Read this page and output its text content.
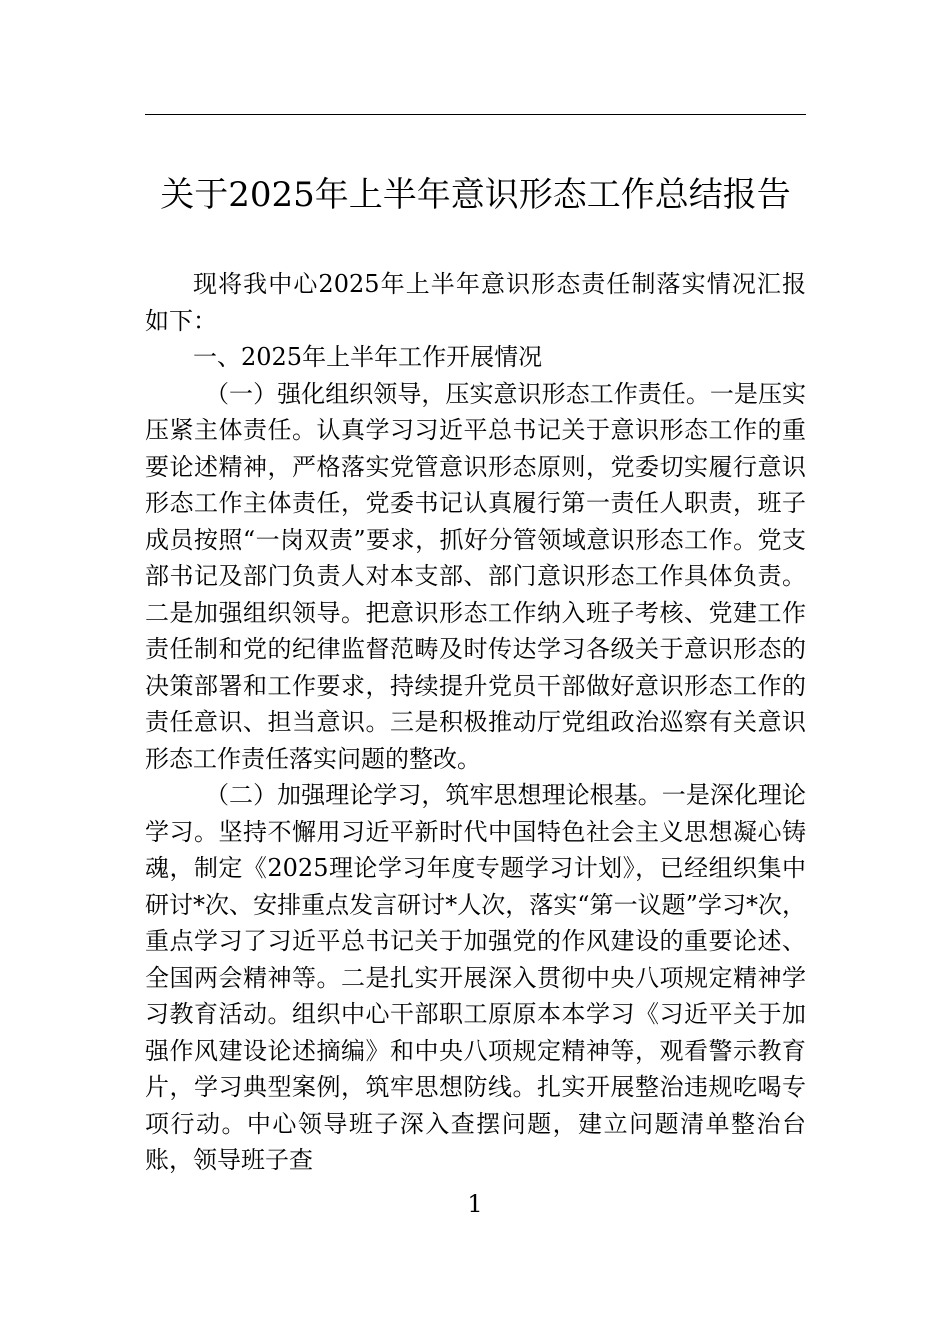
关于2025年上半年意识形态工作总结报告

现将我中心2025年上半年意识形态责任制落实情况汇报如下：

一、2025年上半年工作开展情况

（一）强化组织领导，压实意识形态工作责任。一是压实压紧主体责任。认真学习习近平总书记关于意识形态工作的重要论述精神，严格落实党管意识形态原则，党委切实履行意识形态工作主体责任，党委书记认真履行第一责任人职责，班子成员按照“一岗双责”要求，抓好分管领域意识形态工作。党支部书记及部门负责人对本支部、部门意识形态工作具体负责。二是加强组织领导。把意识形态工作纳入班子考核、党建工作责任制和党的纪律监督范畴及时传达学习各级关于意识形态的决策部署和工作要求，持续提升党员干部做好意识形态工作的责任意识、担当意识。三是积极推动厅党组政治巡察有关意识形态工作责任落实问题的整改。

（二）加强理论学习，筑牢思想理论根基。一是深化理论学习。坚持不懈用习近平新时代中国特色社会主义思想凝心铸魂，制定《2025理论学习年度专题学习计划》，已经组织集中研讨*次、安排重点发言研讨*人次，落实“第一议题”学习*次，重点学习了习近平总书记关于加强党的作风建设的重要论述、全国两会精神等。二是扎实开展深入贯彻中央八项规定精神学习教育活动。组织中心干部职工原原本本学习《习近平关于加强作风建设论述摘编》和中央八项规定精神等，观看警示教育片，学习典型案例，筑牢思想防线。扎实开展整治违规吃喝专项行动。中心领导班子深入查摆问题，建立问题清单整治台账，领导班子查

1
